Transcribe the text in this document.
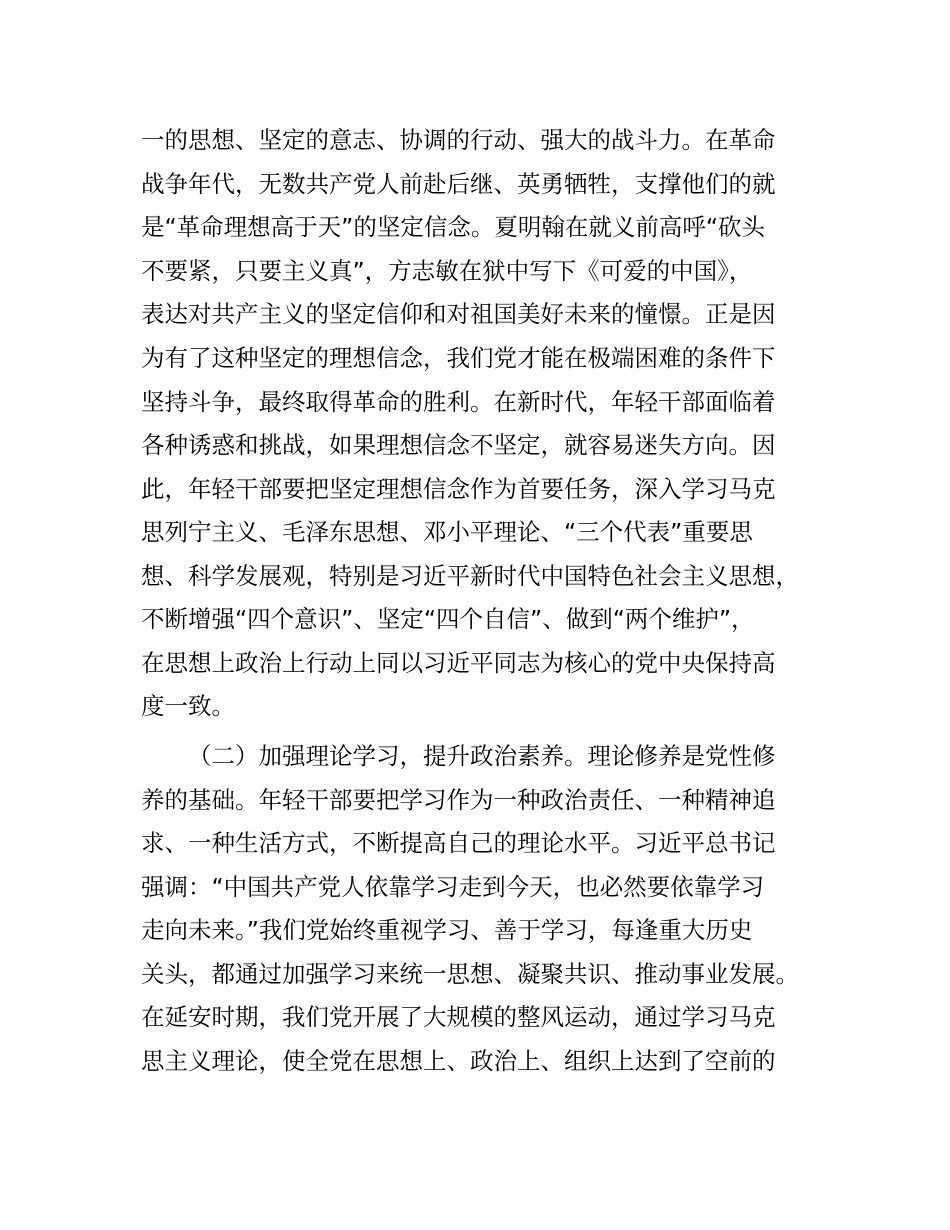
一的思想、坚定的意志、协调的行动、强大的战斗力。在革命
战争年代，无数共产党人前赴后继、英勇牺牲，支撑他们的就
是“革命理想高于天”的坚定信念。夏明翰在就义前高呼“砍头
不要紧，只要主义真”，方志敏在狱中写下《可爱的中国》，
表达对共产主义的坚定信仰和对祖国美好未来的憧憬。正是因
为有了这种坚定的理想信念，我们党才能在极端困难的条件下
坚持斗争，最终取得革命的胜利。在新时代，年轻干部面临着
各种诱惑和挑战，如果理想信念不坚定，就容易迷失方向。因
此，年轻干部要把坚定理想信念作为首要任务，深入学习马克
思列宁主义、毛泽东思想、邓小平理论、“三个代表”重要思
想、科学发展观，特别是习近平新时代中国特色社会主义思想，
不断增强“四个意识”、坚定“四个自信”、做到“两个维护”，
在思想上政治上行动上同以习近平同志为核心的党中央保持高
度一致。
（二）加强理论学习，提升政治素养。理论修养是党性修
养的基础。年轻干部要把学习作为一种政治责任、一种精神追
求、一种生活方式，不断提高自己的理论水平。习近平总书记
强调：“中国共产党人依靠学习走到今天，也必然要依靠学习
走向未来。”我们党始终重视学习、善于学习，每逢重大历史
关头，都通过加强学习来统一思想、凝聚共识、推动事业发展。
在延安时期，我们党开展了大规模的整风运动，通过学习马克
思主义理论，使全党在思想上、政治上、组织上达到了空前的
